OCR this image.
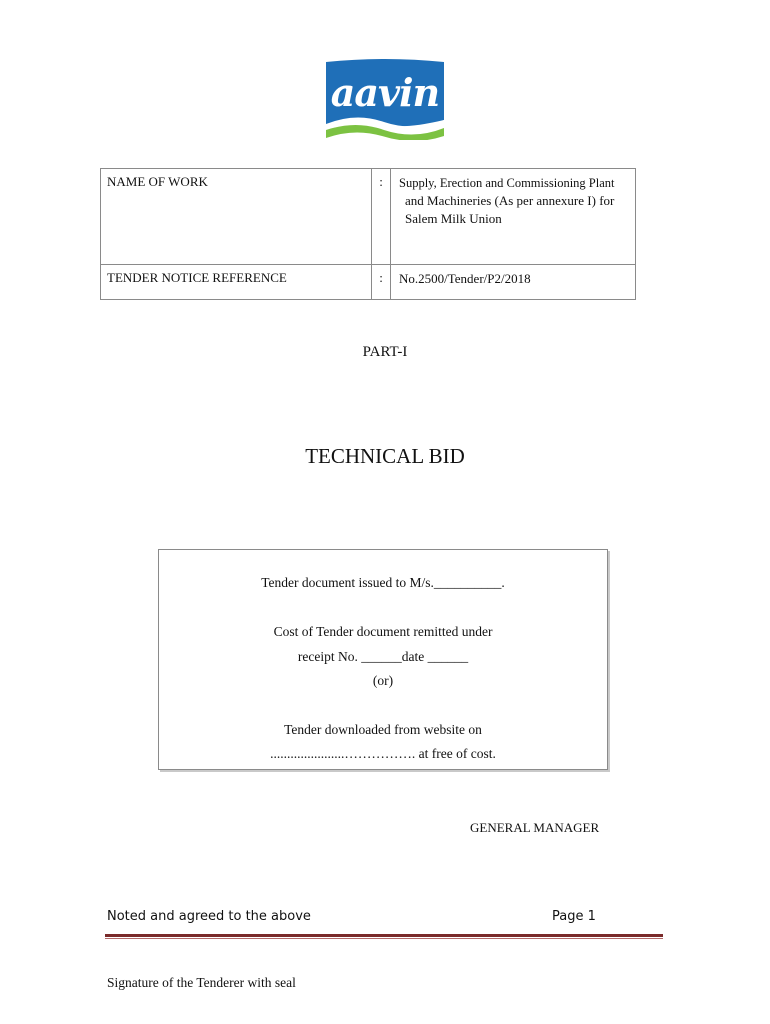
aavin
NAME OF WORK	:	Supply, Erection and Commissioning Plant
and Machineries (As per annexure I) for
Salem Milk Union

TENDER NOTICE REFERENCE	:	No.2500/Tender/P2/2018
PART-I
TECHNICAL BID
Tender document issued to M/s.__________.
Cost of Tender document remitted under
receipt No. ______date ______
(or)
Tender downloaded from website on
......................……………. at free of cost.
GENERAL MANAGER
Noted and agreed to the above	Page 1
Signature of the Tenderer with seal
